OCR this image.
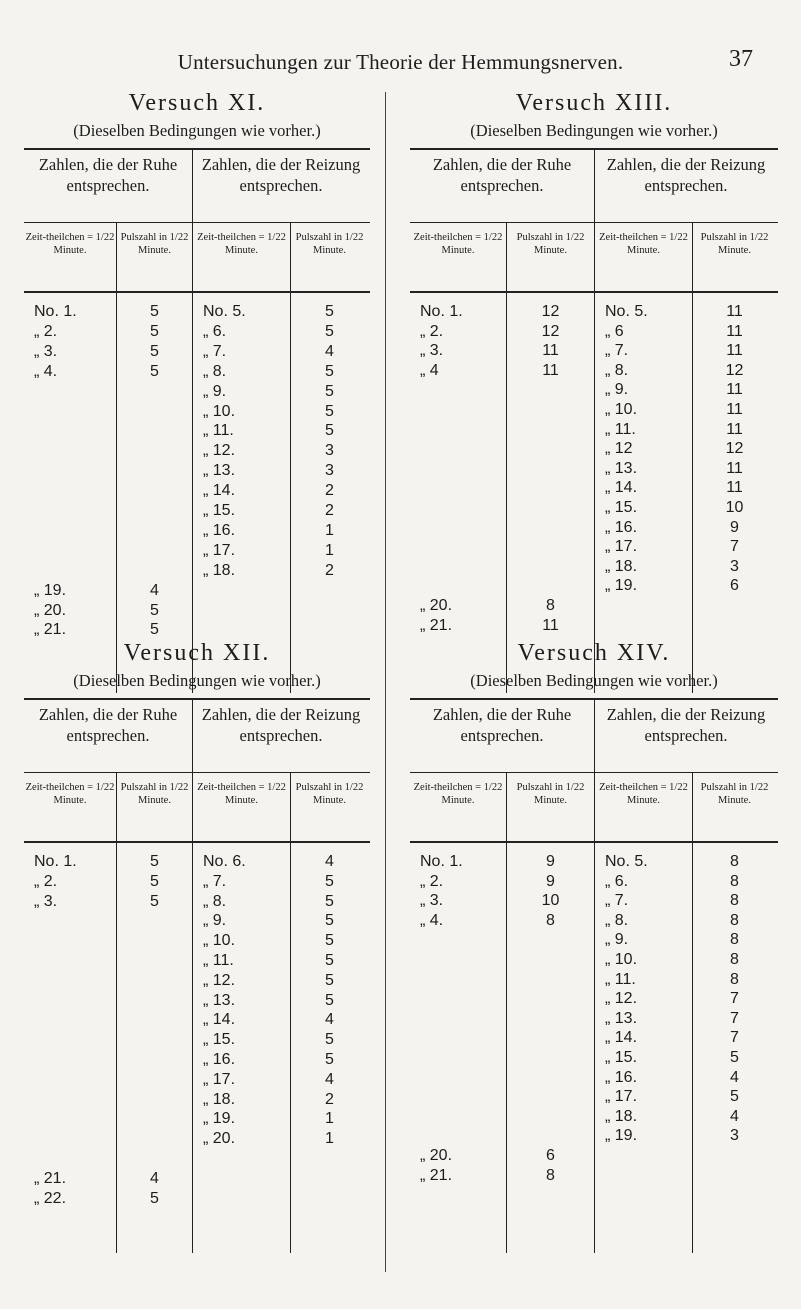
Untersuchungen zur Theorie der Hemmungsnerven.	37
Versuch XI.
(Dieselben Bedingungen wie vorher.)
Zahlen, die der Ruhe entsprechen.
Zahlen, die der Reizung entsprechen.
Zeit-theilchen = 1/22 Minute.
Pulszahl in 1/22 Minute.
Zeit-theilchen = 1/22 Minute.
Pulszahl in 1/22 Minute.
No. 1.
„ 2.
„ 3.
„ 4.
„ 19.
„ 20.
„ 21.
5
5
5
5
4
5
5
No. 5.
„ 6.
„ 7.
„ 8.
„ 9.
„ 10.
„ 11.
„ 12.
„ 13.
„ 14.
„ 15.
„ 16.
„ 17.
„ 18.
5
5
4
5
5
5
5
3
3
2
2
1
1
2
Versuch XIII.
(Dieselben Bedingungen wie vorher.)
Zahlen, die der Ruhe entsprechen.
Zahlen, die der Reizung entsprechen.
Zeit-theilchen = 1/22 Minute.
Pulszahl in 1/22 Minute.
Zeit-theilchen = 1/22 Minute.
Pulszahl in 1/22 Minute.
No. 1.
„ 2.
„ 3.
„ 4
„ 20.
„ 21.
12
12
11
11
8
11
No. 5.
„ 6
„ 7.
„ 8.
„ 9.
„ 10.
„ 11.
„ 12
„ 13.
„ 14.
„ 15.
„ 16.
„ 17.
„ 18.
„ 19.
11
11
11
12
11
11
11
12
11
11
10
9
7
3
6
Versuch XII.
(Dieselben Bedingungen wie vorher.)
Zahlen, die der Ruhe entsprechen.
Zahlen, die der Reizung entsprechen.
Zeit-theilchen = 1/22 Minute.
Pulszahl in 1/22 Minute.
Zeit-theilchen = 1/22 Minute.
Pulszahl in 1/22 Minute.
No. 1.
„ 2.
„ 3.
„ 21.
„ 22.
5
5
5
4
5
No. 6.
„ 7.
„ 8.
„ 9.
„ 10.
„ 11.
„ 12.
„ 13.
„ 14.
„ 15.
„ 16.
„ 17.
„ 18.
„ 19.
„ 20.
4
5
5
5
5
5
5
5
4
5
5
4
2
1
1
Versuch XIV.
(Dieselben Bedingungen wie vorher.)
Zahlen, die der Ruhe entsprechen.
Zahlen, die der Reizung entsprechen.
Zeit-theilchen = 1/22 Minute.
Pulszahl in 1/22 Minute.
Zeit-theilchen = 1/22 Minute.
Pulszahl in 1/22 Minute.
No. 1.
„ 2.
„ 3.
„ 4.
„ 20.
„ 21.
9
9
10
8
6
8
No. 5.
„ 6.
„ 7.
„ 8.
„ 9.
„ 10.
„ 11.
„ 12.
„ 13.
„ 14.
„ 15.
„ 16.
„ 17.
„ 18.
„ 19.
8
8
8
8
8
8
8
7
7
7
5
4
5
4
3
